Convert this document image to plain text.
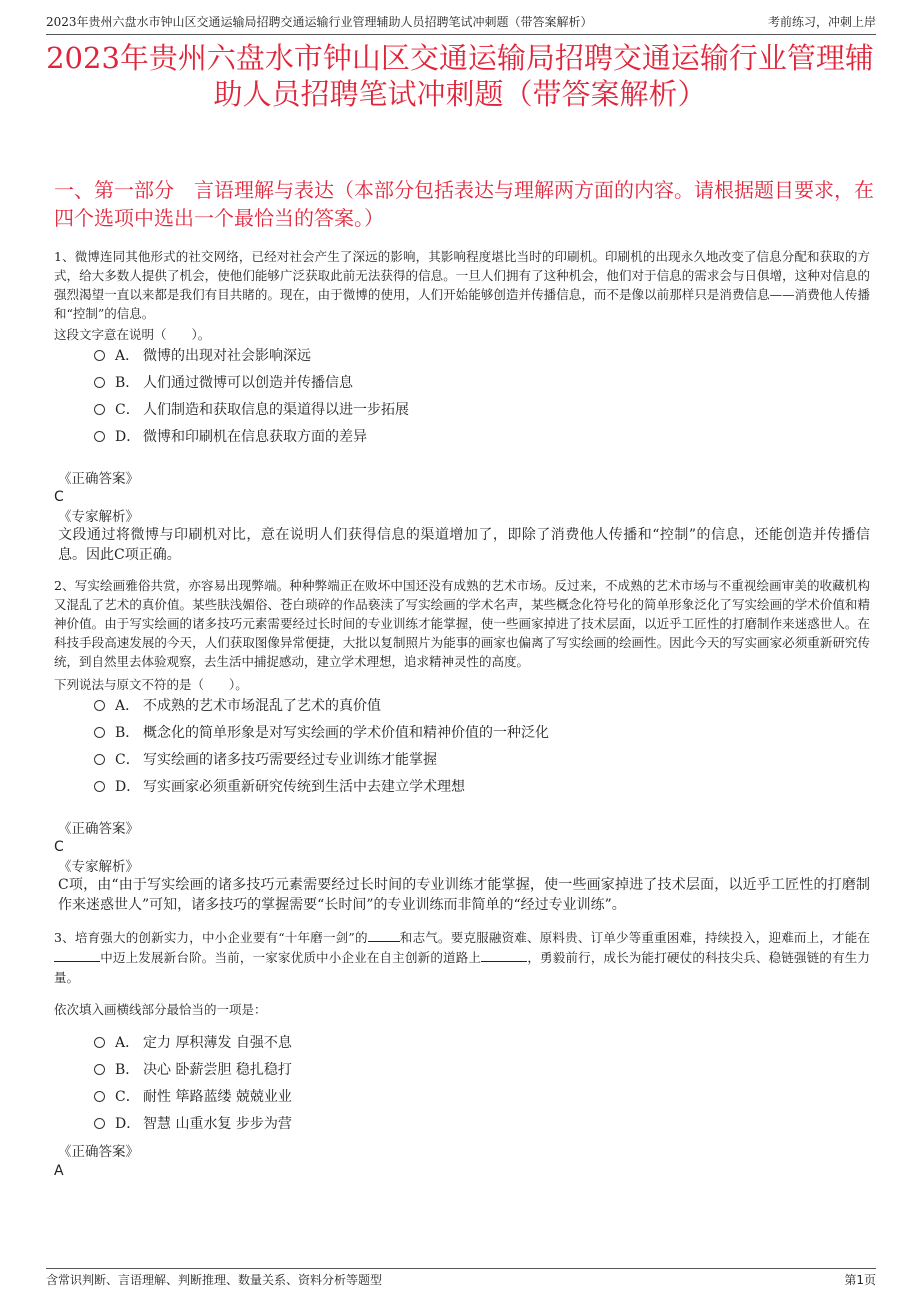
2023年贵州六盘水市钟山区交通运输局招聘交通运输行业管理辅助人员招聘笔试冲刺题（带答案解析）	考前练习，冲刺上岸
2023年贵州六盘水市钟山区交通运输局招聘交通运输行业管理辅助人员招聘笔试冲刺题（带答案解析）
一、第一部分　言语理解与表达（本部分包括表达与理解两方面的内容。请根据题目要求，在四个选项中选出一个最恰当的答案。）
1、微博连同其他形式的社交网络，已经对社会产生了深远的影响，其影响程度堪比当时的印刷机。印刷机的出现永久地改变了信息分配和获取的方式，给大多数人提供了机会，使他们能够广泛获取此前无法获得的信息。一旦人们拥有了这种机会，他们对于信息的需求会与日俱增，这种对信息的强烈渴望一直以来都是我们有目共睹的。现在，由于微博的使用，人们开始能够创造并传播信息，而不是像以前那样只是消费信息——消费他人传播和“控制”的信息。
这段文字意在说明（　　）。
A． 微博的出现对社会影响深远
B． 人们通过微博可以创造并传播信息
C． 人们制造和获取信息的渠道得以进一步拓展
D． 微博和印刷机在信息获取方面的差异
《正确答案》
C
《专家解析》
文段通过将微博与印刷机对比，意在说明人们获得信息的渠道增加了，即除了消费他人传播和“控制”的信息，还能创造并传播信息。因此C项正确。
2、写实绘画雅俗共赏，亦容易出现弊端。种种弊端正在败坏中国还没有成熟的艺术市场。反过来，不成熟的艺术市场与不重视绘画审美的收藏机构又混乱了艺术的真价值。某些肤浅媚俗、苍白琐碎的作品亵渎了写实绘画的学术名声，某些概念化符号化的简单形象泛化了写实绘画的学术价值和精神价值。由于写实绘画的诸多技巧元素需要经过长时间的专业训练才能掌握，使一些画家掉进了技术层面，以近乎工匠性的打磨制作来迷惑世人。在科技手段高速发展的今天，人们获取图像异常便捷，大批以复制照片为能事的画家也偏离了写实绘画的绘画性。因此今天的写实画家必须重新研究传统，到自然里去体验观察，去生活中捕捉感动，建立学术理想，追求精神灵性的高度。
下列说法与原文不符的是（　　）。
A． 不成熟的艺术市场混乱了艺术的真价值
B． 概念化的简单形象是对写实绘画的学术价值和精神价值的一种泛化
C． 写实绘画的诸多技巧需要经过专业训练才能掌握
D． 写实画家必须重新研究传统到生活中去建立学术理想
《正确答案》
C
《专家解析》
C项，由“由于写实绘画的诸多技巧元素需要经过长时间的专业训练才能掌握，使一些画家掉进了技术层面，以近乎工匠性的打磨制作来迷惑世人”可知，诸多技巧的掌握需要“长时间”的专业训练而非简单的“经过专业训练”。
3、培育强大的创新实力，中小企业要有“十年磨一剑”的	和志气。要克服融资难、原料贵、订单少等重重困难，持续投入，迎难而上，才能在中迈上发展新台阶。当前，一家家优质中小企业在自主创新的道路上	，勇毅前行，成长为能打硬仗的科技尖兵、稳链强链的有生力量。
依次填入画横线部分最恰当的一项是：
A． 定力 厚积薄发 自强不息
B． 决心 卧薪尝胆 稳扎稳打
C． 耐性 筚路蓝缕 兢兢业业
D． 智慧 山重水复 步步为营
《正确答案》
A
含常识判断、言语理解、判断推理、数量关系、资料分析等题型	第1页
